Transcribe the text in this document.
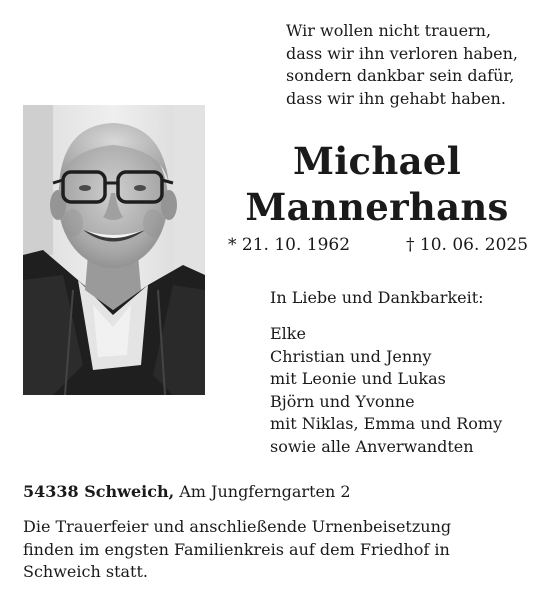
Wir wollen nicht trauern,
dass wir ihn verloren haben,
sondern dankbar sein dafür,
dass wir ihn gehabt haben.
Michael
Mannerhans
* 21. 10. 1962	† 10. 06. 2025
In Liebe und Dankbarkeit:
Elke
Christian und Jenny
mit Leonie und Lukas
Björn und Yvonne
mit Niklas, Emma und Romy
sowie alle Anverwandten
54338 Schweich, Am Jungferngarten 2
Die Trauerfeier und anschließende Urnenbeisetzung
finden im engsten Familienkreis auf dem Friedhof in
Schweich statt.
